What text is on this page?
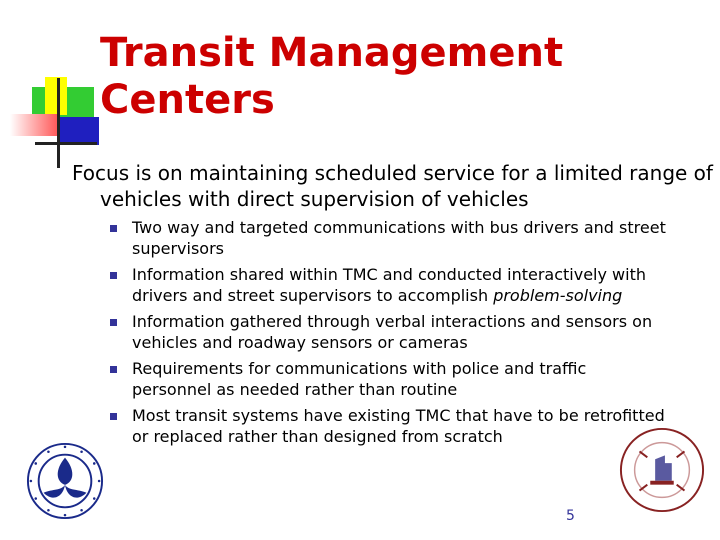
Transit Management Centers

Focus is on maintaining scheduled service for a limited range of vehicles with direct supervision of vehicles

Two way and targeted communications with bus drivers and street supervisors
Information shared within TMC and conducted interactively with drivers and street supervisors to accomplish problem-solving
Information gathered through verbal interactions and sensors on vehicles and roadway sensors or cameras
Requirements for communications with police and traffic personnel as needed rather than routine
Most transit systems have existing TMC that have to be retrofitted or replaced rather than designed from scratch
5
